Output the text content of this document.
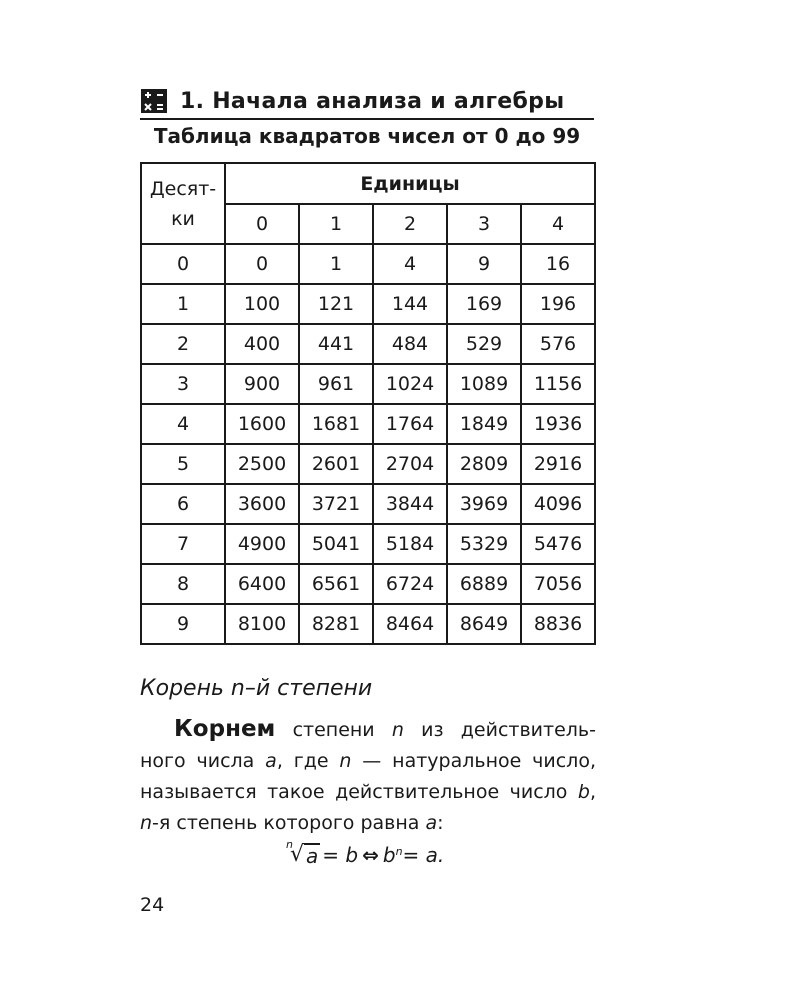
1. Начала анализа и алгебры
Таблица квадратов чисел от 0 до 99
Десят-
ки	Единицы				
	0	1	2	3	4
0	0	1	4	9	16
1	100	121	144	169	196
2	400	441	484	529	576
3	900	961	1024	1089	1156
4	1600	1681	1764	1849	1936
5	2500	2601	2704	2809	2916
6	3600	3721	3844	3969	4096
7	4900	5041	5184	5329	5476
8	6400	6561	6724	6889	7056
9	8100	8281	8464	8649	8836
Корень n–й степени
Корнем степени n из действитель-ного числа a, где n — натуральное число, называется такое действительное число b, n-я степень которого равна a:
n
√ a = b ⇔ b n = a.
24
